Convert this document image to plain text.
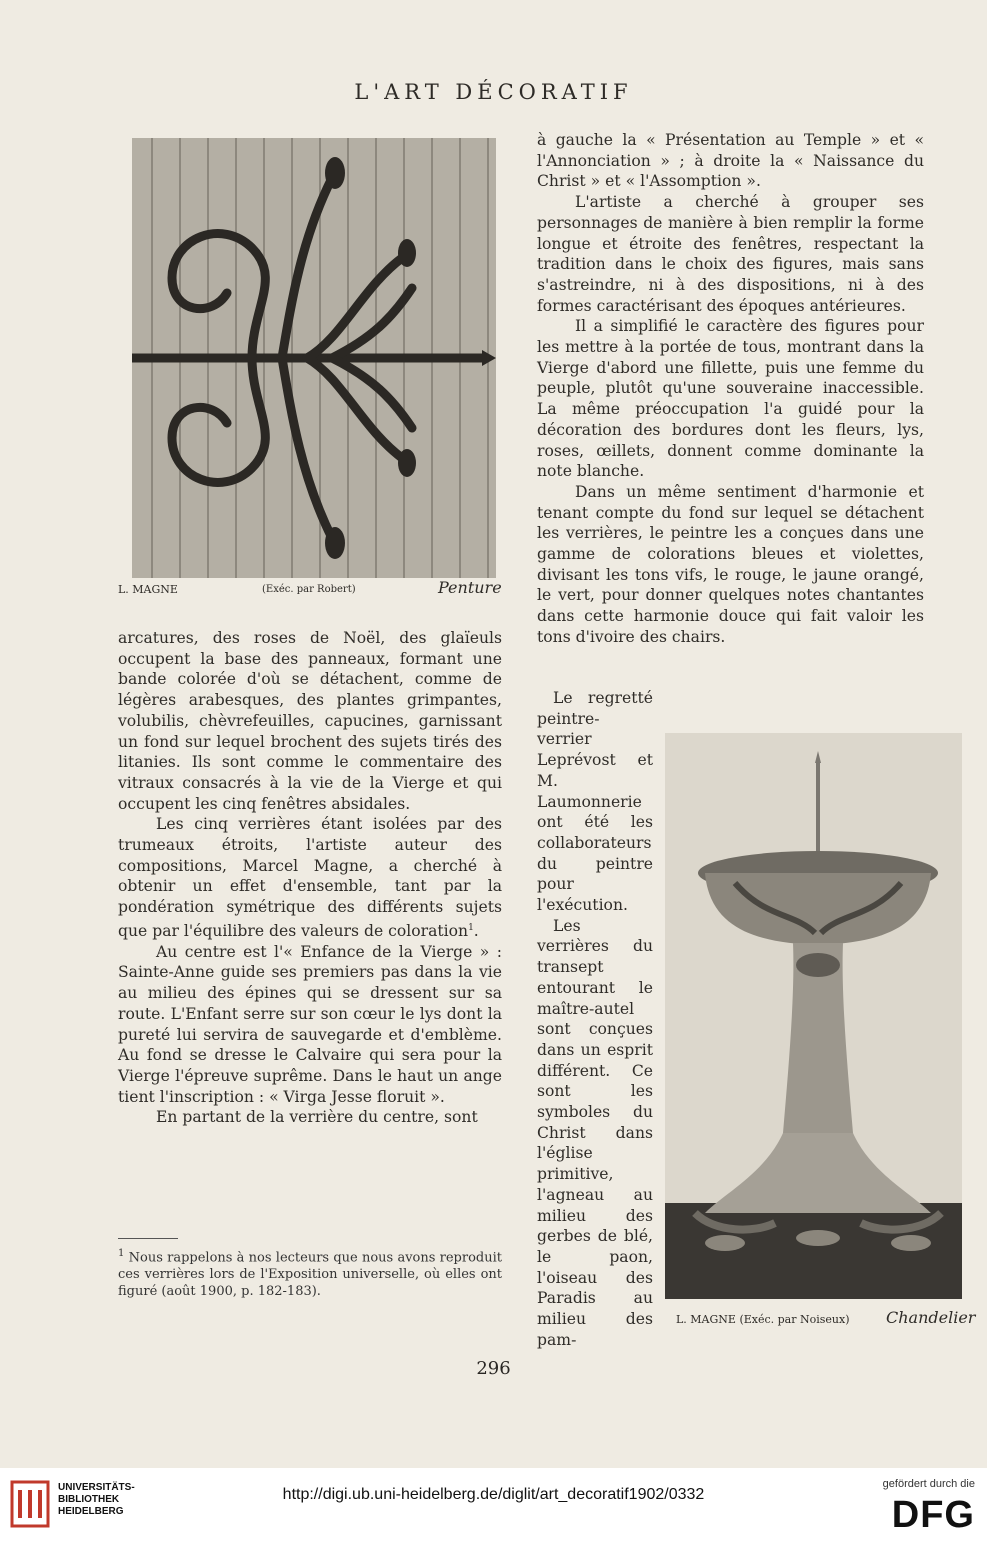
L'ART DÉCORATIF
L. MAGNE	(Exéc. par Robert)	Penture

arcatures, des roses de Noël, des glaïeuls occupent la base des panneaux, formant une bande colorée d'où se détachent, comme de légères arabesques, des plantes grimpantes, volubilis, chèvrefeuilles, capucines, garnissant un fond sur lequel brochent des sujets tirés des litanies. Ils sont comme le commentaire des vitraux consacrés à la vie de la Vierge et qui occupent les cinq fenêtres absidales.

Les cinq verrières étant isolées par des trumeaux étroits, l'artiste auteur des compositions, Marcel Magne, a cherché à obtenir un effet d'ensemble, tant par la pondération symétrique des différents sujets que par l'équilibre des valeurs de coloration$^1$.

Au centre est l'« Enfance de la Vierge » : Sainte-Anne guide ses premiers pas dans la vie au milieu des épines qui se dressent sur sa route. L'Enfant serre sur son cœur le lys dont la pureté lui servira de sauvegarde et d'emblème. Au fond se dresse le Calvaire qui sera pour la Vierge l'épreuve suprême. Dans le haut un ange tient l'inscription : « Virga Jesse floruit ».

En partant de la verrière du centre, sont

$^1$ Nous rappelons à nos lecteurs que nous avons reproduit ces verrières lors de l'Exposition universelle, où elles ont figuré (août 1900, p. 182-183).

à gauche la « Présentation au Temple » et « l'Annonciation » ; à droite la « Naissance du Christ » et « l'Assomption ».

L'artiste a cherché à grouper ses personnages de manière à bien remplir la forme longue et étroite des fenêtres, respectant la tradition dans le choix des figures, mais sans s'astreindre, ni à des dispositions, ni à des formes caractérisant des époques antérieures.

Il a simplifié le caractère des figures pour les mettre à la portée de tous, montrant dans la Vierge d'abord une fillette, puis une femme du peuple, plutôt qu'une souveraine inaccessible. La même préoccupation l'a guidé pour la décoration des bordures dont les fleurs, lys, roses, œillets, donnent comme dominante la note blanche.

Dans un même sentiment d'harmonie et tenant compte du fond sur lequel se détachent les verrières, le peintre les a conçues dans une gamme de colorations bleues et violettes, divisant les tons vifs, le rouge, le jaune orangé, le vert, pour donner quelques notes chantantes dans cette harmonie douce qui fait valoir les tons d'ivoire des chairs.

Le regretté peintre-verrier Leprévost et M. Laumonnerie ont été les collaborateurs du peintre pour l'exécution.

Les verrières du transept entourant le maître-autel sont conçues dans un esprit différent. Ce sont les symboles du Christ dans l'église primitive, l'agneau au milieu des gerbes de blé, le paon, l'oiseau des Paradis au milieu des pam-

L. MAGNE (Exéc. par Noiseux) Chandelier
296
UNIVERSITÄTS-
BIBLIOTHEK
HEIDELBERG
http://digi.ub.uni-heidelberg.de/diglit/art_decoratif1902/0332
gefördert durch die
DFG
